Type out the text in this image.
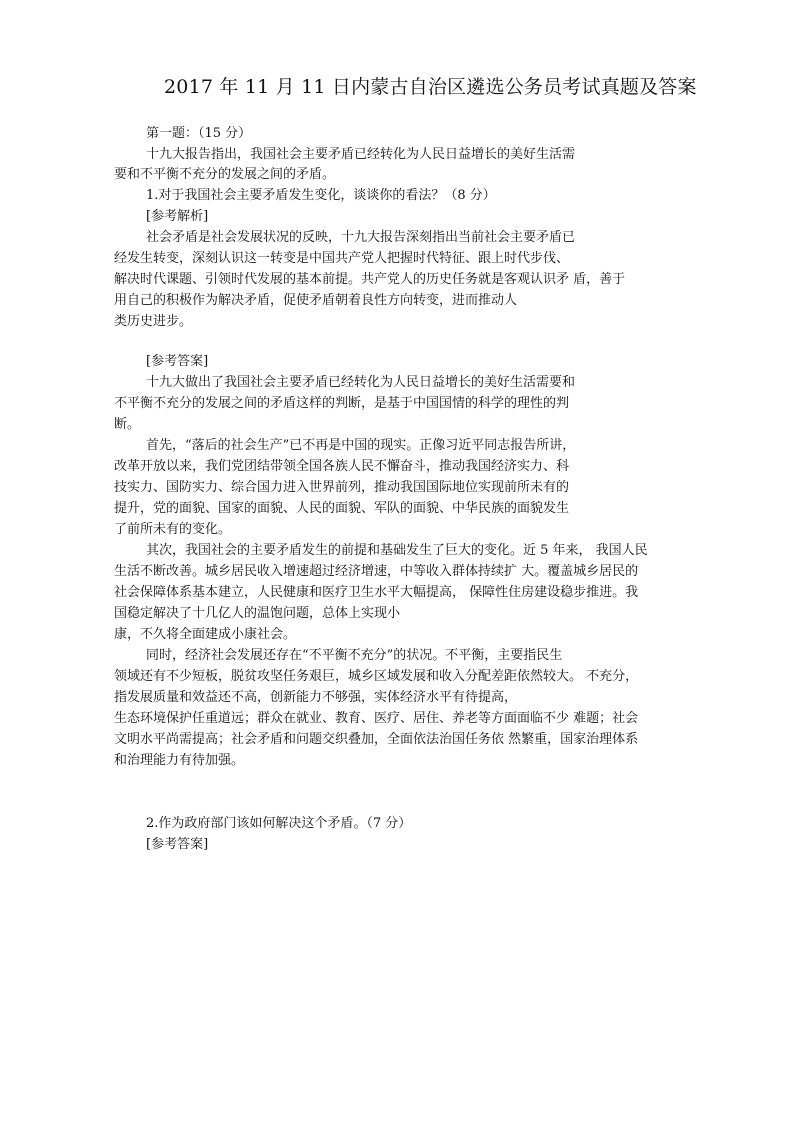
2017 年 11 月 11 日内蒙古自治区遴选公务员考试真题及答案
第一题：（15 分）
十九大报告指出，我国社会主要矛盾已经转化为人民日益增长的美好生活需
要和不平衡不充分的发展之间的矛盾。
1.对于我国社会主要矛盾发生变化，谈谈你的看法？（8 分）
[参考解析]
社会矛盾是社会发展状况的反映，十九大报告深刻指出当前社会主要矛盾已
经发生转变，深刻认识这一转变是中国共产党人把握时代特征、跟上时代步伐、
解决时代课题、引领时代发展的基本前提。共产党人的历史任务就是客观认识矛 盾，善于
用自己的积极作为解决矛盾，促使矛盾朝着良性方向转变，进而推动人
类历史进步。
[参考答案]
十九大做出了我国社会主要矛盾已经转化为人民日益增长的美好生活需要和
不平衡不充分的发展之间的矛盾这样的判断，是基于中国国情的科学的理性的判
断。
首先，“落后的社会生产”已不再是中国的现实。正像习近平同志报告所讲，
改革开放以来，我们党团结带领全国各族人民不懈奋斗，推动我国经济实力、科
技实力、国防实力、综合国力进入世界前列，推动我国国际地位实现前所未有的
提升，党的面貌、国家的面貌、人民的面貌、军队的面貌、中华民族的面貌发生
了前所未有的变化。
其次，我国社会的主要矛盾发生的前提和基础发生了巨大的变化。近 5 年来， 我国人民
生活不断改善。城乡居民收入增速超过经济增速，中等收入群体持续扩 大。覆盖城乡居民的
社会保障体系基本建立，人民健康和医疗卫生水平大幅提高， 保障性住房建设稳步推进。我
国稳定解决了十几亿人的温饱问题，总体上实现小
康，不久将全面建成小康社会。
同时，经济社会发展还存在“不平衡不充分”的状况。不平衡，主要指民生
领域还有不少短板，脱贫攻坚任务艰巨，城乡区域发展和收入分配差距依然较大。 不充分，
指发展质量和效益还不高，创新能力不够强，实体经济水平有待提高，
生态环境保护任重道远；群众在就业、教育、医疗、居住、养老等方面面临不少 难题；社会
文明水平尚需提高；社会矛盾和问题交织叠加，全面依法治国任务依 然繁重，国家治理体系
和治理能力有待加强。
2.作为政府部门该如何解决这个矛盾。（7 分）
[参考答案]
